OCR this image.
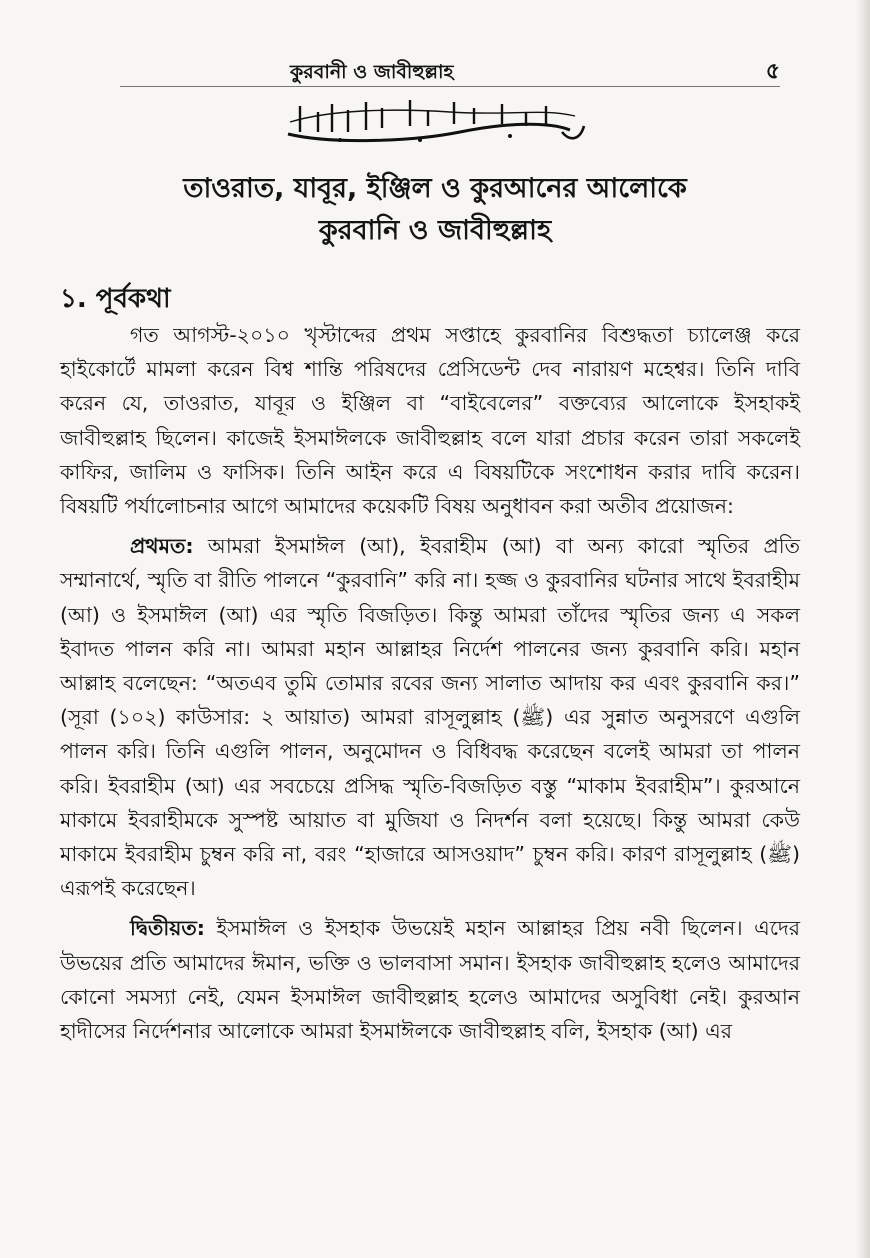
কুরবানী ও জাবীহুল্লাহ	৫
তাওরাত, যাবূর, ইঞ্জিল ও কুরআনের আলোকে
কুরবানি ও জাবীহুল্লাহ
১. পূর্বকথা

গত আগস্ট-২০১০ খৃস্টাব্দের প্রথম সপ্তাহে কুরবানির বিশুদ্ধতা চ্যালেঞ্জ করে হাইকোর্টে মামলা করেন বিশ্ব শান্তি পরিষদের প্রেসিডেন্ট দেব নারায়ণ মহেশ্বর। তিনি দাবি করেন যে, তাওরাত, যাবূর ও ইঞ্জিল বা “বাইবেলের” বক্তব্যের আলোকে ইসহাকই জাবীহুল্লাহ ছিলেন। কাজেই ইসমাঈলকে জাবীহুল্লাহ বলে যারা প্রচার করেন তারা সকলেই কাফির, জালিম ও ফাসিক। তিনি আইন করে এ বিষয়টিকে সংশোধন করার দাবি করেন। বিষয়টি পর্যালোচনার আগে আমাদের কয়েকটি বিষয় অনুধাবন করা অতীব প্রয়োজন:

প্রথমত: আমরা ইসমাঈল (আ), ইবরাহীম (আ) বা অন্য কারো স্মৃতির প্রতি সম্মানার্থে, স্মৃতি বা রীতি পালনে “কুরবানি” করি না। হজ্জ ও কুরবানির ঘটনার সাথে ইবরাহীম (আ) ও ইসমাঈল (আ) এর স্মৃতি বিজড়িত। কিন্তু আমরা তাঁদের স্মৃতির জন্য এ সকল ইবাদত পালন করি না। আমরা মহান আল্লাহর নির্দেশ পালনের জন্য কুরবানি করি। মহান আল্লাহ বলেছেন: “অতএব তুমি তোমার রবের জন্য সালাত আদায় কর এবং কুরবানি কর।” (সূরা (১০২) কাউসার: ২ আয়াত) আমরা রাসূলুল্লাহ (ﷺ) এর সুন্নাত অনুসরণে এগুলি পালন করি। তিনি এগুলি পালন, অনুমোদন ও বিধিবদ্ধ করেছেন বলেই আমরা তা পালন করি। ইবরাহীম (আ) এর সবচেয়ে প্রসিদ্ধ স্মৃতি-বিজড়িত বস্তু “মাকাম ইবরাহীম”। কুরআনে মাকামে ইবরাহীমকে সুস্পষ্ট আয়াত বা মুজিযা ও নিদর্শন বলা হয়েছে। কিন্তু আমরা কেউ মাকামে ইবরাহীম চুম্বন করি না, বরং “হাজারে আসওয়াদ” চুম্বন করি। কারণ রাসূলুল্লাহ (ﷺ) এরূপই করেছেন।

দ্বিতীয়ত: ইসমাঈল ও ইসহাক উভয়েই মহান আল্লাহর প্রিয় নবী ছিলেন। এদের উভয়ের প্রতি আমাদের ঈমান, ভক্তি ও ভালবাসা সমান। ইসহাক জাবীহুল্লাহ হলেও আমাদের কোনো সমস্যা নেই, যেমন ইসমাঈল জাবীহুল্লাহ হলেও আমাদের অসুবিধা নেই। কুরআন হাদীসের নির্দেশনার আলোকে আমরা ইসমাঈলকে জাবীহুল্লাহ বলি, ইসহাক (আ) এর
